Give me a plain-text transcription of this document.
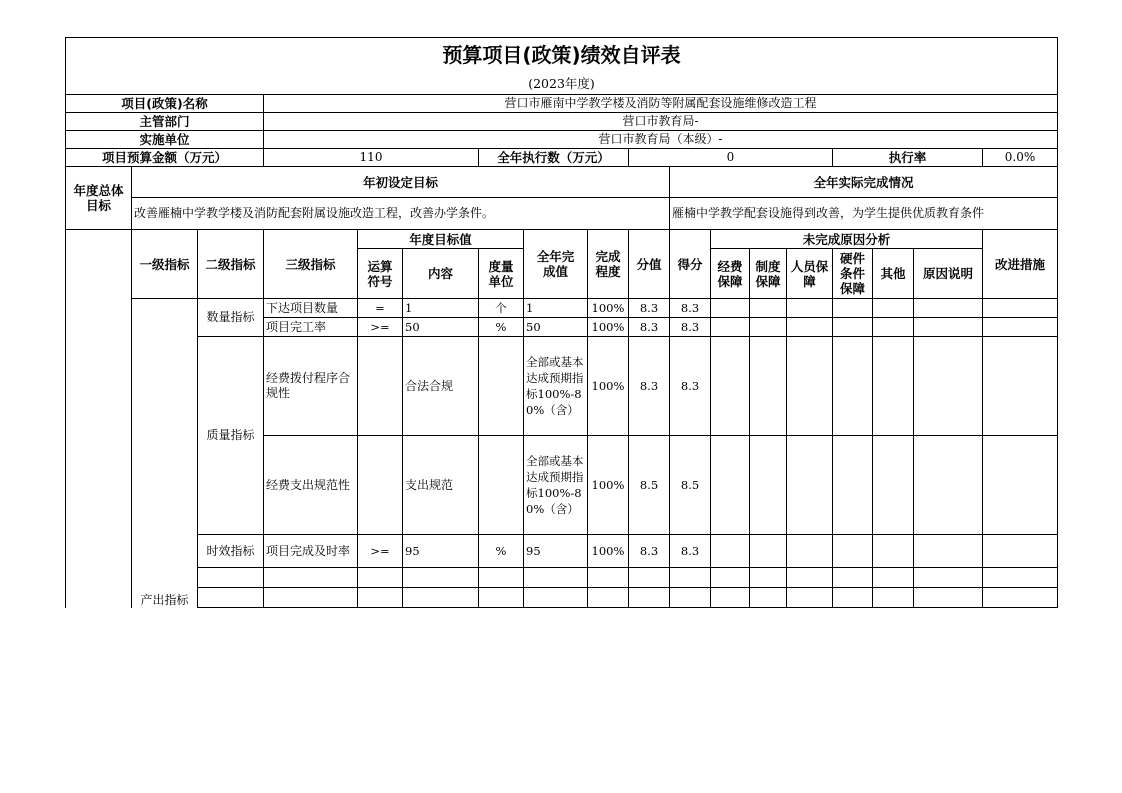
预算项目(政策)绩效自评表																	
(2023年度)																	
项目(政策)名称			营口市雁南中学教学楼及消防等附属配套设施维修改造工程														
主管部门			营口市教育局-														
实施单位			营口市教育局（本级）-														
项目预算金额（万元）			110			全年执行数（万元）			0					执行率			0.0%
年度总体目标	年初设定目标									全年实际完成情况							
	改善雁楠中学教学楼及消防配套附属设施改造工程，改善办学条件。									雁楠中学教学配套设施得到改善，为学生提供优质教育条件							
	一级指标	二级指标	三级指标	年度目标值			全年完成值	完成程度	分值	得分	未完成原因分析						改进措施
				运算符号	内容	度量单位					经费保障	制度保障	人员保障	硬件条件保障	其他	原因说明	
	产出指标	数量指标	下达项目数量	=	1	个	1	100%	8.3	8.3							
			项目完工率	>=	50	%	50	100%	8.3	8.3							
		质量指标	经费拨付程序合规性		合法合规		全部或基本达成预期指标100%-80%（含）	100%	8.3	8.3							
			经费支出规范性		支出规范		全部或基本达成预期指标100%-80%（含）	100%	8.5	8.5							
		时效指标	项目完成及时率	>=	95	%	95	100%	8.3	8.3							
